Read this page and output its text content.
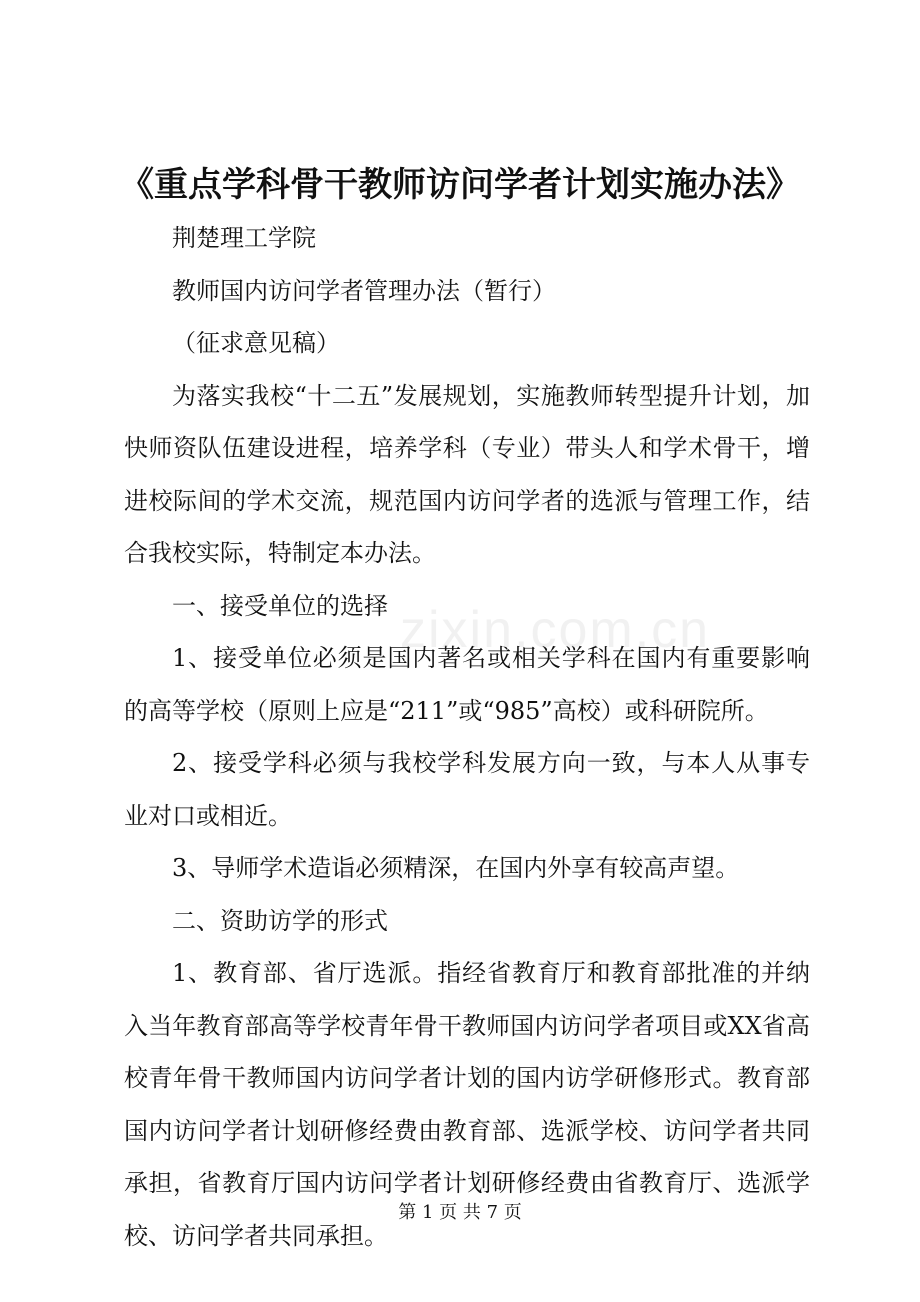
《重点学科骨干教师访问学者计划实施办法》

荆楚理工学院

教师国内访问学者管理办法（暂行）

（征求意见稿）

为落实我校“十二五”发展规划，实施教师转型提升计划，加快师资队伍建设进程，培养学科（专业）带头人和学术骨干，增进校际间的学术交流，规范国内访问学者的选派与管理工作，结合我校实际，特制定本办法。

一、接受单位的选择

1、接受单位必须是国内著名或相关学科在国内有重要影响的高等学校（原则上应是“211”或“985”高校）或科研院所。

2、接受学科必须与我校学科发展方向一致，与本人从事专业对口或相近。

3、导师学术造诣必须精深，在国内外享有较高声望。

二、资助访学的形式

1、教育部、省厅选派。指经省教育厅和教育部批准的并纳入当年教育部高等学校青年骨干教师国内访问学者项目或XX省高校青年骨干教师国内访问学者计划的国内访学研修形式。教育部国内访问学者计划研修经费由教育部、选派学校、访问学者共同承担，省教育厅国内访问学者计划研修经费由省教育厅、选派学校、访问学者共同承担。

zixin.com.cn
第 1 页 共 7 页
